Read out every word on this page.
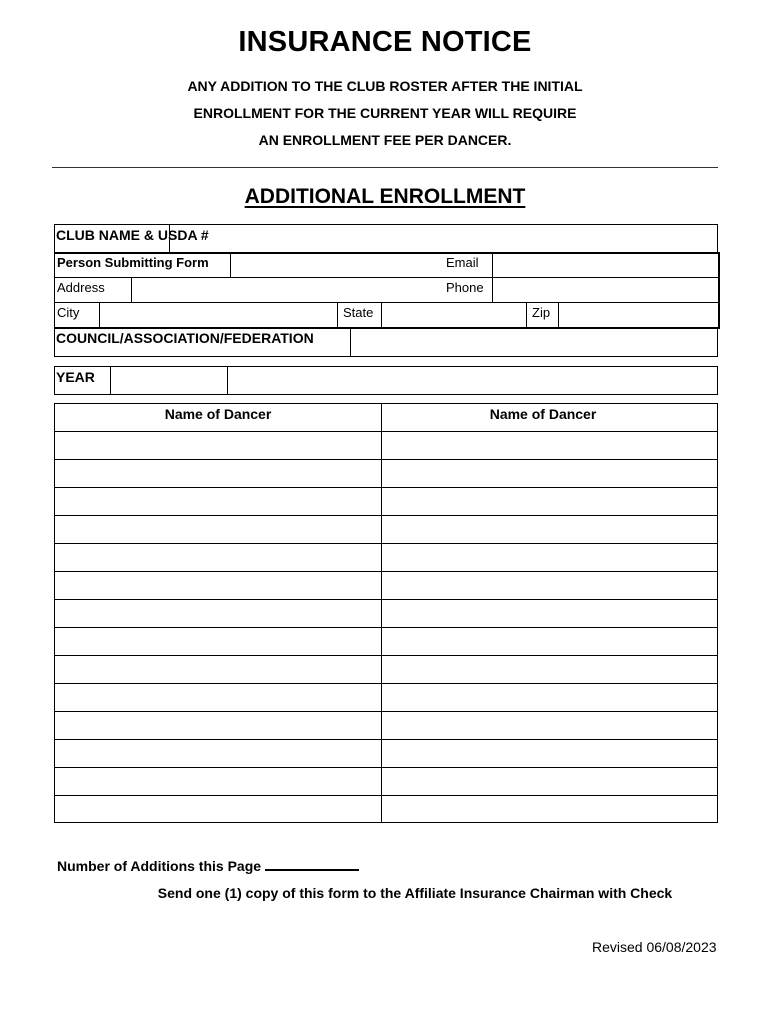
INSURANCE NOTICE
ANY ADDITION TO THE CLUB ROSTER AFTER THE INITIAL
ENROLLMENT FOR THE CURRENT YEAR WILL REQUIRE
AN ENROLLMENT FEE PER DANCER.
ADDITIONAL ENROLLMENT
CLUB NAME & USDA #
Person Submitting Form	Email
Address	Phone
City	State	Zip
COUNCIL/ASSOCIATION/FEDERATION
YEAR
Name of Dancer	Name of Dancer
Number of Additions this Page
Send one (1) copy of this form to the Affiliate Insurance Chairman with Check
Revised 06/08/2023
